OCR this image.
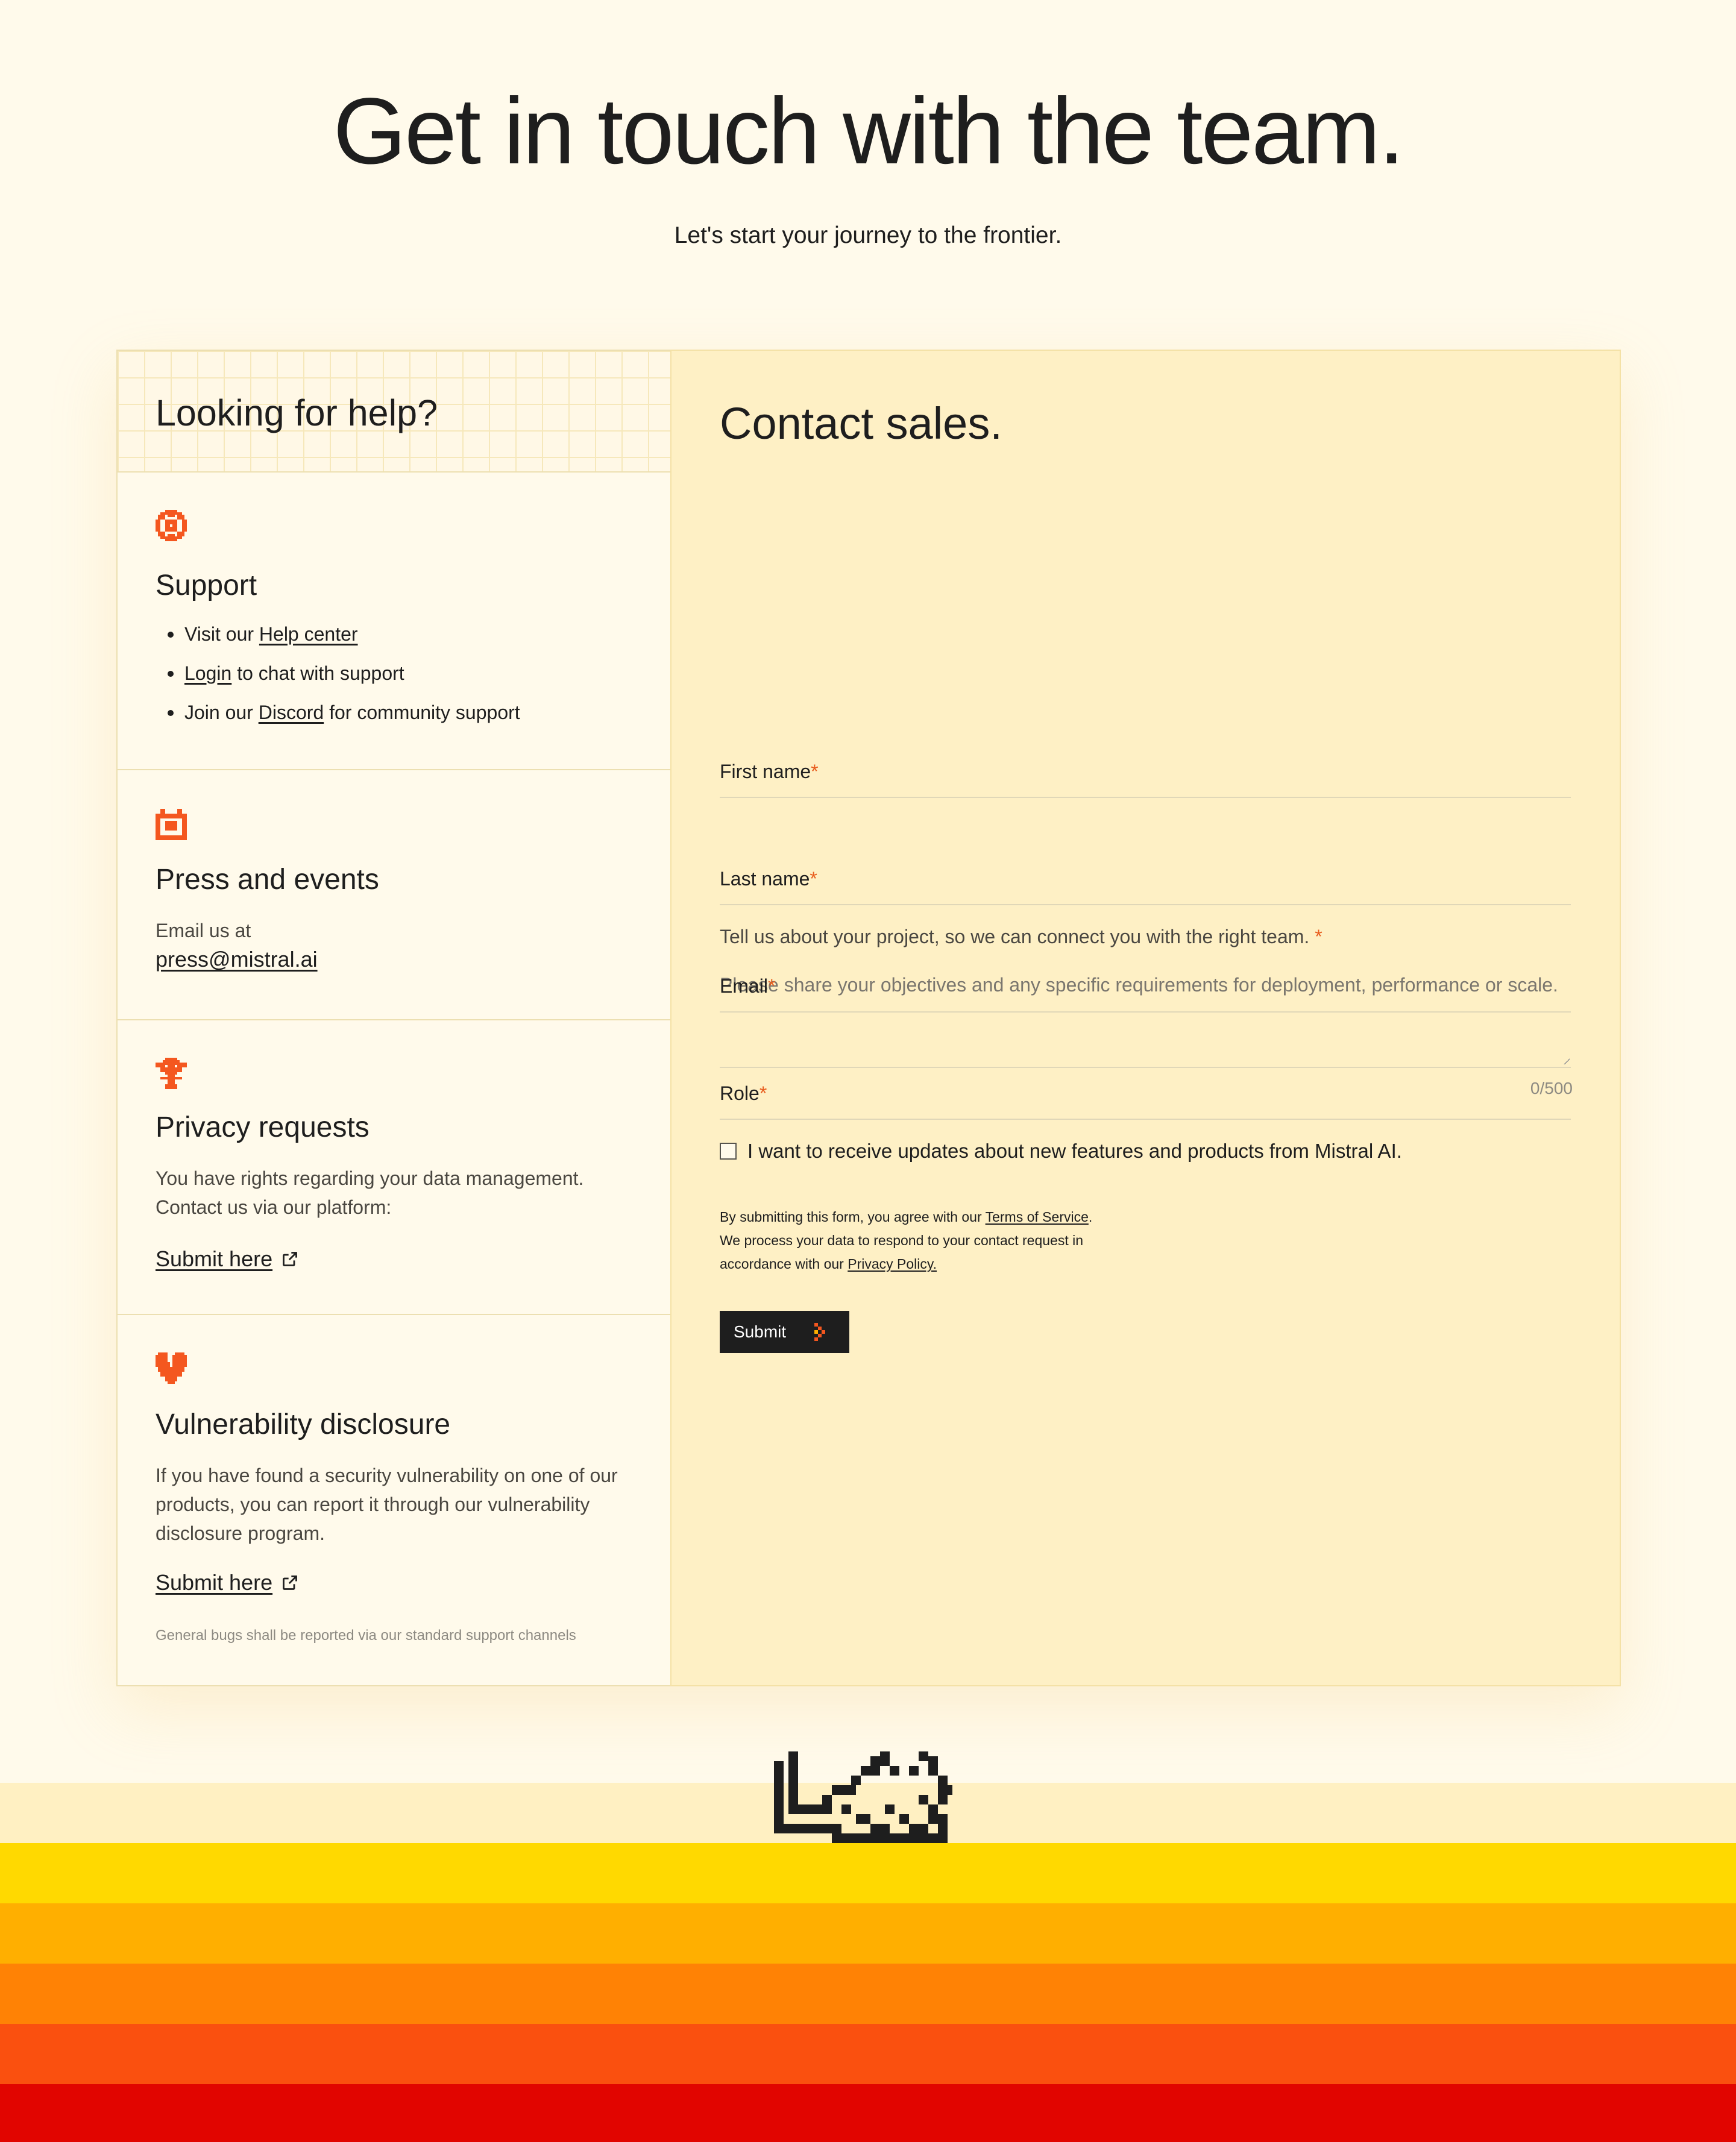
Get in touch with the team.

Let's start your journey to the frontier.

Looking for help?
Support
Visit our Help center
Login to chat with support
Join our Discord for community support
Press and events

Email us at

press@mistral.ai
Privacy requests

You have rights regarding your data management. Contact us via our platform:

Submit here
Vulnerability disclosure

If you have found a security vulnerability on one of our products, you can report it through our vulnerability disclosure program.

Submit here

General bugs shall be reported via our standard support channels

Contact sales.

Tell us about your project, so we can connect you with the right team. *

Please share your objectives and any specific requirements for deployment, performance or scale.

0/500

I want to receive updates about new features and products from Mistral AI.

By submitting this form, you agree with our Terms of Service.
We process your data to respond to your contact request in accordance with our Privacy Policy.

Submit
First name*
Last name*
Email*
Role*
